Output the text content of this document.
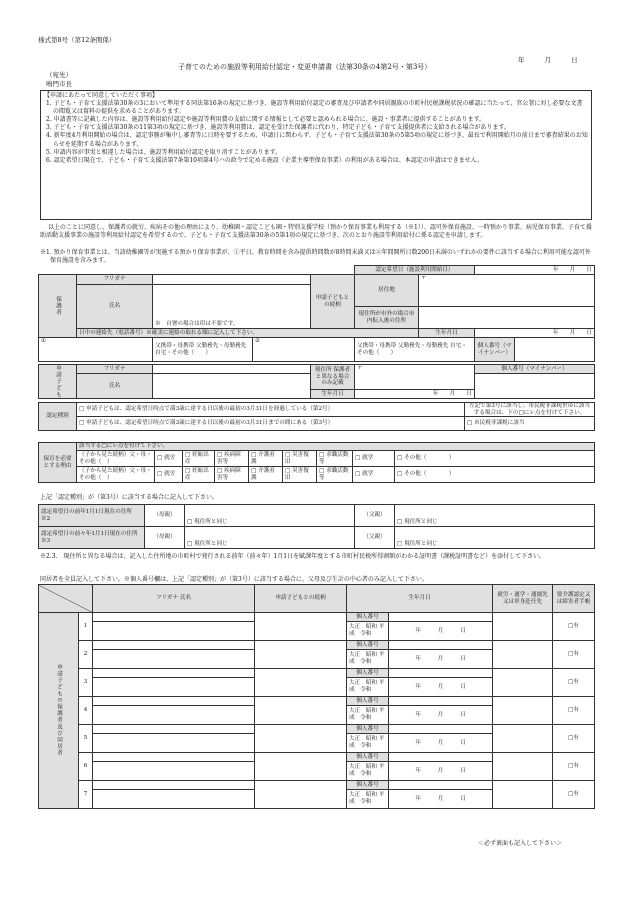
様式第8号（第12条関係）
年	月	日
子育てのための施設等利用給付認定・変更申請書（法第30条の4第2号・第3号）
（宛先）
鳴門市長
【申請にあたって同意していただく事項】

1. 子ども・子育て支援法第30条の3において準用する同法第16条の規定に基づき、施設等利用給付認定の審査及び申請者や同居親族の市町村民税課税状況の確認に当たって、官公署に対し必要な文書の閲覧又は資料の提供を求めることがあります。

2. 申請書等に記載した内容は、施設等利用給付認定や施設等利用費の支給に関する情報として必要と認められる場合に、施設・事業者に提供することがあります。

3. 子ども・子育て支援法第30条の11第3項の規定に基づき、施設等利用費は、認定を受けた保護者に代わり、特定子ども・子育て支援提供者に支給される場合があります。

4. 新年度4月利用開始の場合は、認定事務が集中し審査等に日時を要するため、申請日に関わらず、子ども・子育て支援法第30条の5第5項の規定に基づき、最長で利用開始月の前日まで審査結果のお知らせを延期する場合があります。

5. 申請内容が事実と相違した場合は、施設等利用給付認定を取り消すことがあります。

6. 認定希望日現在で、子ども・子育て支援法第7条第10項第4号ハの政令で定める施設（企業主導型保育事業）の利用がある場合は、本認定の申請はできません。

以上のことに同意し、保護者の就労、疾病その他の理由により、幼稚園・認定こども園・特別支援学校（預かり保育事業も利用する（※1））、認可外保育施設、一時預かり事業、病児保育事業、子育て援助活動支援事業の施設等利用給付認定を希望するので、子ども・子育て支援法第30条の5第1項の規定に基づき、次のとおり施設等利用給付に係る認定を申請します。
※1. 預かり保育事業とは、当該幼稚園等が実施する預かり保育事業が、①平日、教育時間を含み提供時間数が8時間未満又は②年間開所日数200日未満のいずれかの要件に該当する場合に利用可能な認可外保育施設を含みます。
					認定希望日（施設利用開始日）		年　　月　　日	
保護者	フリガナ			申請子どもとの続柄	居住地	〒		
	氏名	※　自署の場合は印は不要です。						
					現住所が市外の場合市内転入後の住所			
	日中の連絡先（電話番号）※確実に連絡の取れる順に記入して下さい。					生年月日	年　　月　　日	
①		父携帯・母携帯 父勤務先・母勤務先 自宅・その他（　　）	②		父携帯・母携帯 父勤務先・母勤務先 自宅・その他（　　）		個人番号（マイナンバー）	
申請子ども	フリガナ		現住所 保護者と異なる場合のみ記載	〒	個人番号（マイナンバー）
	氏名				
			生年月日	年　　月　　日	
認定種別	□ 申請子どもは、認定希望日時点で満3歳に達する日以後の最初の3月31日を経過している（第2号）	左記で第3号に該当し、市民税非課税世帯に該当する場合は、下の□にレ点を付けて下さい。
	□ 申請子どもは、認定希望日時点で満3歳に達する日以後の最初の3月31日までの間にある（第3号）	□ 市民税非課税に該当
保育を必要とする理由	該当する□にレ点を付けて下さい。								
	（子から見た続柄）父・母・その他（　）	□ 就労	□ 妊娠出産	□ 疾病障害等	□ 介護看護	□ 災害復旧	□ 求職活動等	□ 就学	□ その他（　　　　）
	（子から見た続柄）父・母・その他（　）	□ 就労	□ 妊娠出産	□ 疾病障害等	□ 介護看護	□ 災害復旧	□ 求職活動等	□ 就学	□ その他（　　　　）
上記「認定種別」が（第3号）に該当する場合に記入して下さい。
認定希望日の前年1月1日現在の住所 ※2	（母親）	□ 現住所と同じ	（父親）	□ 現住所と同じ
認定希望日の前々年1月1日現在の住所 ※3	（母親）	□ 現住所と同じ	（父親）	□ 現住所と同じ
※2.3.　現住所と異なる場合は、記入した住所地の市町村で発行される前年（前々年）1月1日を賦課年度とする市町村民税所得割額がわかる証明書（課税証明書など）を添付して下さい。
同居者を全員記入して下さい。※個人番号欄は、上記「認定種別」が（第3号）に該当する場合に、父母及び生計の中心者のみ記入して下さい。
		フリガナ 氏名	申請子どもとの続柄	生年月日		就労・通学・通園先又は単身赴任先	要介護認定又は障害者手帳
申請子どもの保護者及び同居者	1			個人番号			□有
				大正　昭和 平成　令和	年　　　月　　　日		

	2			個人番号			□有
				大正　昭和 平成　令和	年　　　月　　　日		

	3			個人番号			□有
				大正　昭和 平成　令和	年　　　月　　　日		

	4			個人番号			□有
				大正　昭和 平成　令和	年　　　月　　　日		

	5			個人番号			□有
				大正　昭和 平成　令和	年　　　月　　　日		

	6			個人番号			□有
				大正　昭和 平成　令和	年　　　月　　　日		

	7			個人番号			□有
				大正　昭和 平成　令和	年　　　月　　　日		

＜必ず裏面も記入して下さい＞
